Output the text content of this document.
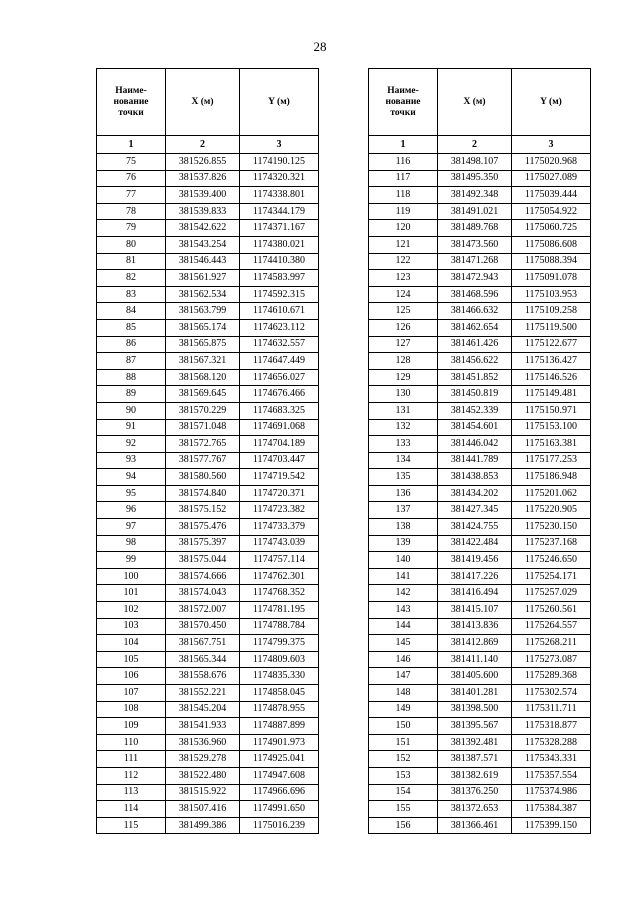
28
Наиме-
нование
точки	X (м)	Y (м)
1	2	3
75	381526.855	1174190.125
76	381537.826	1174320.321
77	381539.400	1174338.801
78	381539.833	1174344.179
79	381542.622	1174371.167
80	381543.254	1174380.021
81	381546.443	1174410.380
82	381561.927	1174583.997
83	381562.534	1174592.315
84	381563.799	1174610.671
85	381565.174	1174623.112
86	381565.875	1174632.557
87	381567.321	1174647.449
88	381568.120	1174656.027
89	381569.645	1174676.466
90	381570.229	1174683.325
91	381571.048	1174691.068
92	381572.765	1174704.189
93	381577.767	1174703.447
94	381580.560	1174719.542
95	381574.840	1174720.371
96	381575.152	1174723.382
97	381575.476	1174733.379
98	381575.397	1174743.039
99	381575.044	1174757.114
100	381574.666	1174762.301
101	381574.043	1174768.352
102	381572.007	1174781.195
103	381570.450	1174788.784
104	381567.751	1174799.375
105	381565.344	1174809.603
106	381558.676	1174835.330
107	381552.221	1174858.045
108	381545.204	1174878.955
109	381541.933	1174887.899
110	381536.960	1174901.973
111	381529.278	1174925.041
112	381522.480	1174947.608
113	381515.922	1174966.696
114	381507.416	1174991.650
115	381499.386	1175016.239
Наиме-
нование
точки	X (м)	Y (м)
1	2	3
116	381498.107	1175020.968
117	381495.350	1175027.089
118	381492.348	1175039.444
119	381491.021	1175054.922
120	381489.768	1175060.725
121	381473.560	1175086.608
122	381471.268	1175088.394
123	381472.943	1175091.078
124	381468.596	1175103.953
125	381466.632	1175109.258
126	381462.654	1175119.500
127	381461.426	1175122.677
128	381456.622	1175136.427
129	381451.852	1175146.526
130	381450.819	1175149.481
131	381452.339	1175150.971
132	381454.601	1175153.100
133	381446.042	1175163.381
134	381441.789	1175177.253
135	381438.853	1175186.948
136	381434.202	1175201.062
137	381427.345	1175220.905
138	381424.755	1175230.150
139	381422.484	1175237.168
140	381419.456	1175246.650
141	381417.226	1175254.171
142	381416.494	1175257.029
143	381415.107	1175260.561
144	381413.836	1175264.557
145	381412.869	1175268.211
146	381411.140	1175273.087
147	381405.600	1175289.368
148	381401.281	1175302.574
149	381398.500	1175311.711
150	381395.567	1175318.877
151	381392.481	1175328.288
152	381387.571	1175343.331
153	381382.619	1175357.554
154	381376.250	1175374.986
155	381372.653	1175384.387
156	381366.461	1175399.150
